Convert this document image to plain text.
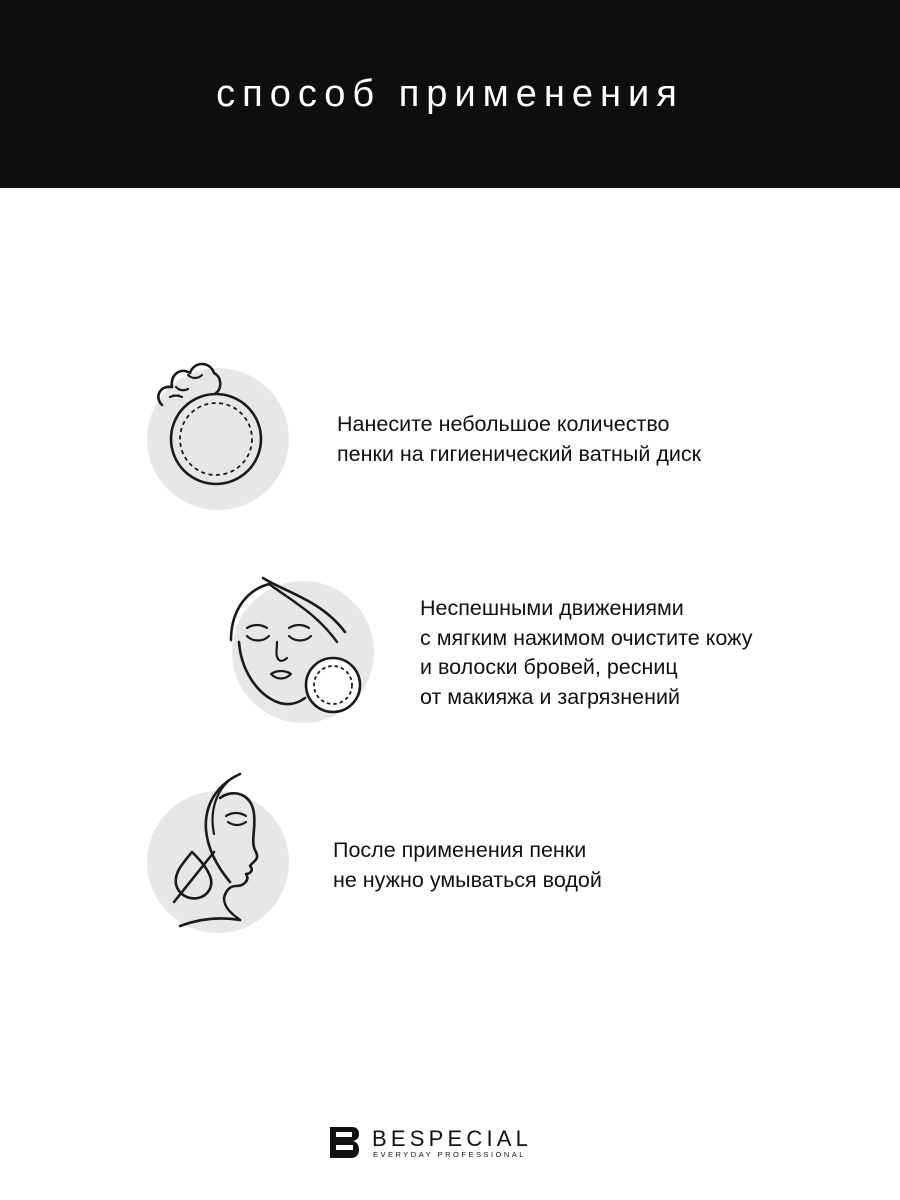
способ применения
Нанесите небольшое количество
пенки на гигиенический ватный диск
Неспешными движениями
с мягким нажимом очистите кожу
и волоски бровей, ресниц
от макияжа и загрязнений
После применения пенки
не нужно умываться водой
BESPECIAL
EVERYDAY PROFESSIONAL
